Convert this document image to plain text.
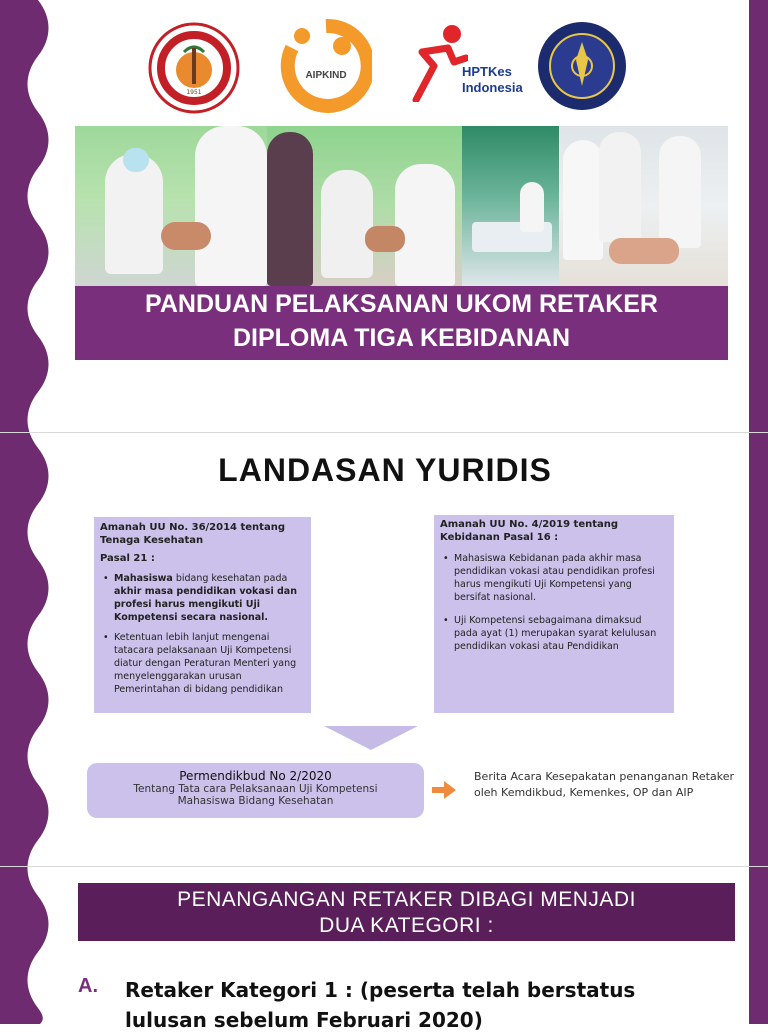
1951
AIPKIND	HPTKes
Indonesia
PANDUAN PELAKSANAN UKOM RETAKER
DIPLOMA TIGA KEBIDANAN
LANDASAN YURIDIS
Amanah UU No. 36/2014 tentang Tenaga Kesehatan
Pasal 21 :
• Mahasiswa bidang kesehatan pada akhir masa pendidikan vokasi dan profesi harus mengikuti Uji Kompetensi secara nasional.
• Ketentuan lebih lanjut mengenai tatacara pelaksanaan Uji Kompetensi diatur dengan Peraturan Menteri yang menyelenggarakan urusan Pemerintahan di bidang pendidikan
Amanah UU No. 4/2019 tentang Kebidanan Pasal 16 :
• Mahasiswa Kebidanan pada akhir masa pendidikan vokasi atau pendidikan profesi harus mengikuti Uji Kompetensi yang bersifat nasional.
• Uji Kompetensi sebagaimana dimaksud pada ayat (1) merupakan syarat kelulusan pendidikan vokasi atau Pendidikan
Permendikbud No 2/2020
Tentang Tata cara Pelaksanaan Uji Kompetensi
Mahasiswa Bidang Kesehatan
Berita Acara Kesepakatan penanganan Retaker oleh Kemdikbud, Kemenkes, OP dan AIP
PENANGANGAN RETAKER DIBAGI MENJADI
DUA KATEGORI :
A. Retaker Kategori 1 : (peserta telah berstatus lulusan sebelum Februari 2020)
